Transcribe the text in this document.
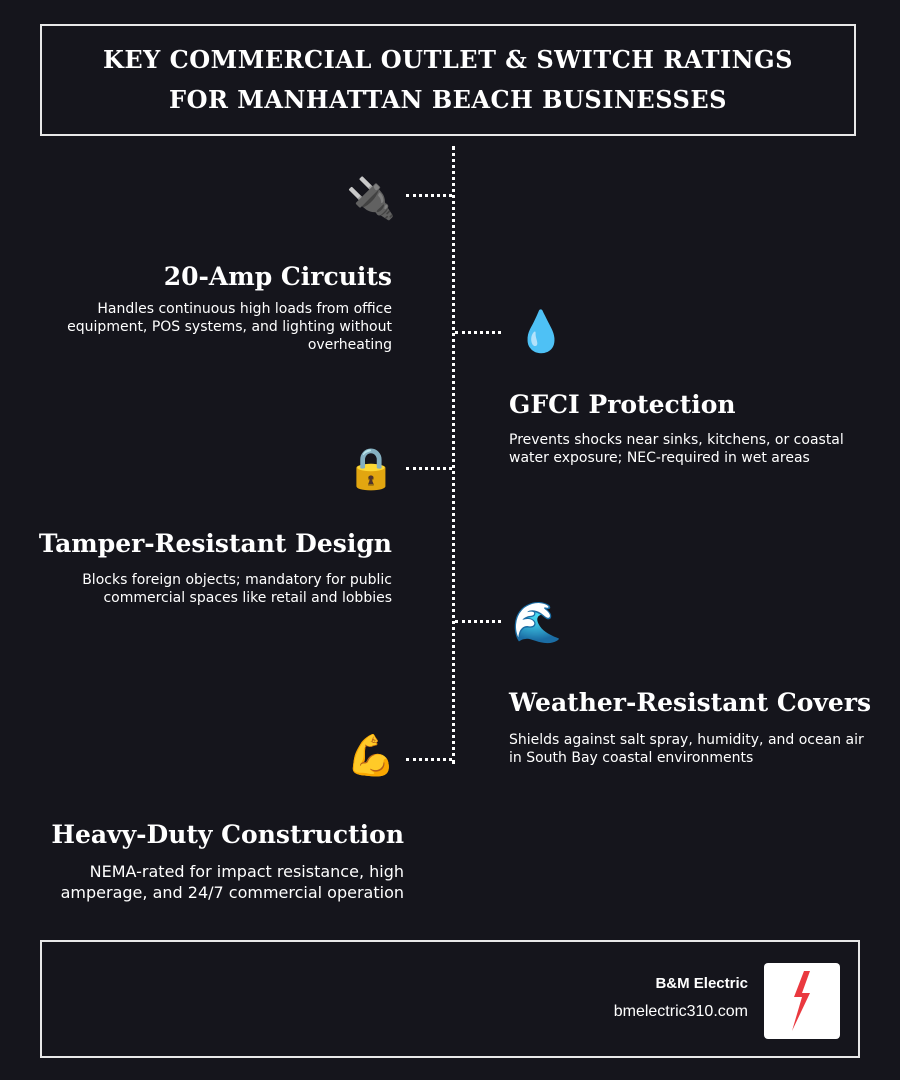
KEY COMMERCIAL OUTLET & SWITCH RATINGS FOR MANHATTAN BEACH BUSINESSES
🔌
20-Amp Circuits

Handles continuous high loads from office equipment, POS systems, and lighting without overheating	💧
GFCI Protection

Prevents shocks near sinks, kitchens, or coastal water exposure; NEC-required in wet areas

🔒
Tamper-Resistant Design

Blocks foreign objects; mandatory for public commercial spaces like retail and lobbies

🌊
Weather-Resistant Covers

Shields against salt spray, humidity, and ocean air in South Bay coastal environments

💪
Heavy-Duty Construction

NEMA-rated for impact resistance, high amperage, and 24/7 commercial operation

B&M Electric
bmelectric310.com
